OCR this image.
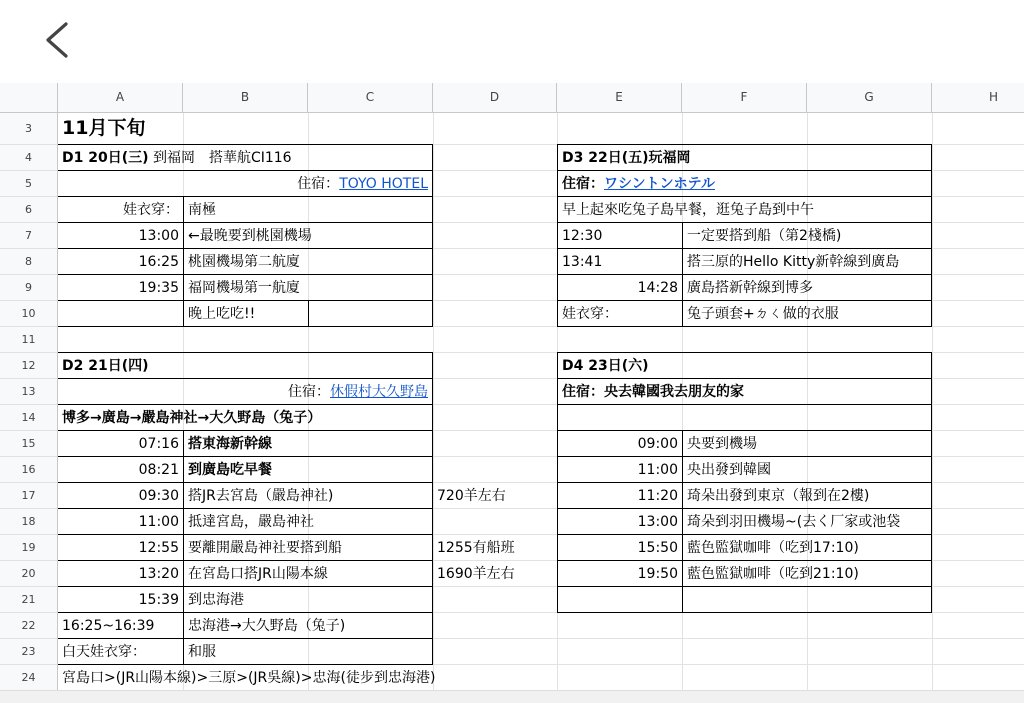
A	B	C	D	E	F	G	H
3
4
5
6
7
8
9
10
11
12
13
14
15
16
17
18
19
20
21
22
23
24
11月下旬
D1 20日(三) 到福岡　搭華航CI116
住宿：TOYO HOTEL
娃衣穿： 南極
13:00 ←最晚要到桃園機場
16:25 桃園機場第二航廈
19:35 福岡機場第一航廈
晚上吃吃!!
D2 21日(四)
住宿：休假村大久野島
博多→廣島→嚴島神社→大久野島（兔子）
07:16 搭東海新幹線
08:21 到廣島吃早餐
09:30 搭JR去宮島（嚴島神社)	720羊左右
11:00 抵達宮島，嚴島神社
12:55 要離開嚴島神社要搭到船	1255有船班
13:20 在宮島口搭JR山陽本線	1690羊左右
15:39 到忠海港
16:25~16:39	忠海港→大久野島（兔子)
白天娃衣穿：	和服
宮島口>(JR山陽本線)>三原>(JR吳線)>忠海(徒步到忠海港)
D3 22日(五)玩福岡
住宿：ワシントンホテル
早上起來吃兔子島早餐，逛兔子島到中午
12:30	一定要搭到船（第2棧橋)
13:41	搭三原的Hello Kitty新幹線到廣島
14:28 廣島搭新幹線到博多
娃衣穿：	兔子頭套+ㄉㄑ做的衣服
D4 23日(六)
住宿：央去韓國我去朋友的家
09:00 央要到機場
11:00 央出發到韓國
11:20 琦朵出發到東京（報到在2樓)
13:00 琦朵到羽田機場~(去く厂家或池袋
15:50 藍色監獄咖啡（吃到17:10)
19:50 藍色監獄咖啡（吃到21:10)
